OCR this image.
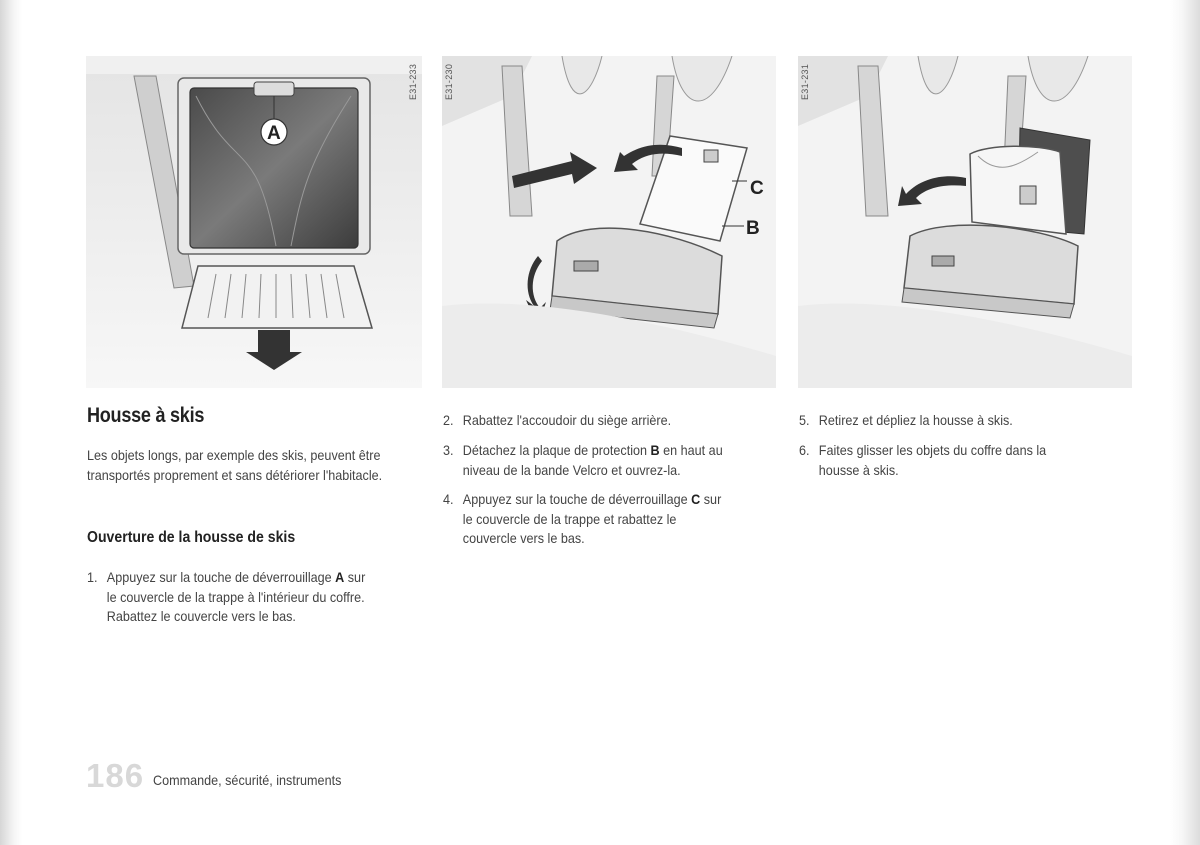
A
E31-233
C
B
E31-230	E31-231
Housse à skis
Les objets longs, par exemple des skis, peuvent être transportés proprement et sans détériorer l'habitacle.
Ouverture de la housse de skis
1. Appuyez sur la touche de déverrouillage A sur
le couvercle de la trappe à l'intérieur du coffre.
Rabattez le couvercle vers le bas.
2. Rabattez l'accoudoir du siège arrière.
3. Détachez la plaque de protection B en haut au
niveau de la bande Velcro et ouvrez-la.
4. Appuyez sur la touche de déverrouillage C sur
le couvercle de la trappe et rabattez le
couvercle vers le bas.
5. Retirez et dépliez la housse à skis.
6. Faites glisser les objets du coffre dans la
housse à skis.
186 Commande, sécurité, instruments
